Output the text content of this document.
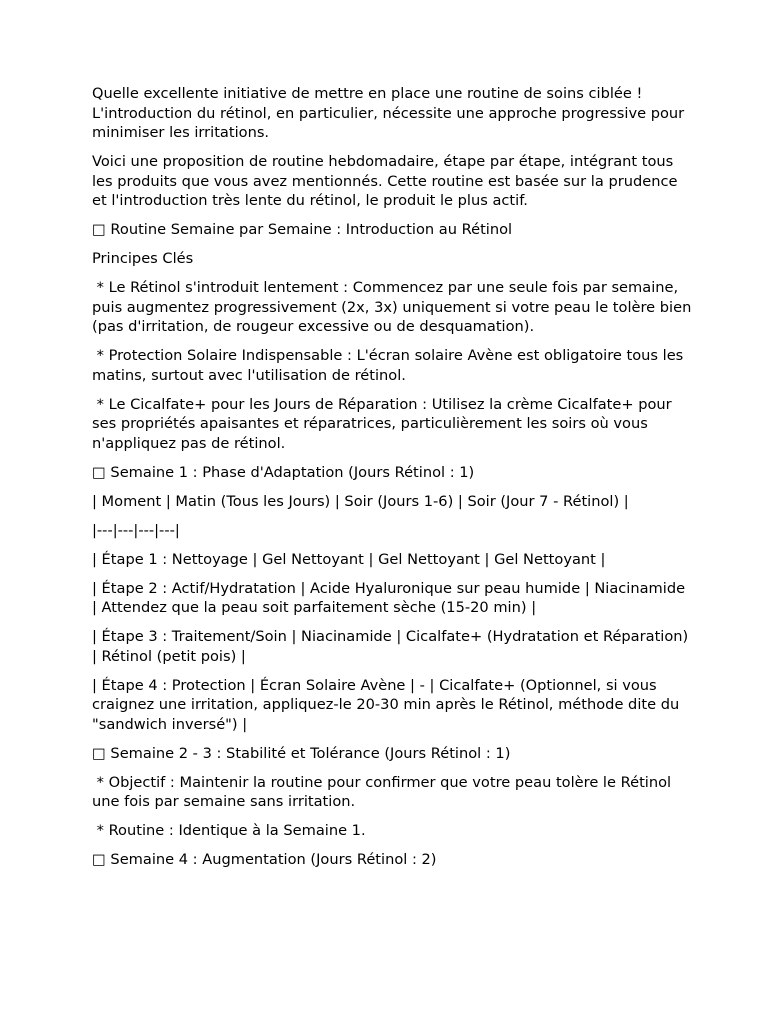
Quelle excellente initiative de mettre en place une routine de soins ciblée ! L'introduction du rétinol, en particulier, nécessite une approche progressive pour minimiser les irritations.

Voici une proposition de routine hebdomadaire, étape par étape, intégrant tous les produits que vous avez mentionnés. Cette routine est basée sur la prudence et l'introduction très lente du rétinol, le produit le plus actif.

□ Routine Semaine par Semaine : Introduction au Rétinol

Principes Clés

* Le Rétinol s'introduit lentement : Commencez par une seule fois par semaine, puis augmentez progressivement (2x, 3x) uniquement si votre peau le tolère bien (pas d'irritation, de rougeur excessive ou de desquamation).

* Protection Solaire Indispensable : L'écran solaire Avène est obligatoire tous les matins, surtout avec l'utilisation de rétinol.

* Le Cicalfate+ pour les Jours de Réparation : Utilisez la crème Cicalfate+ pour ses propriétés apaisantes et réparatrices, particulièrement les soirs où vous n'appliquez pas de rétinol.

□ Semaine 1 : Phase d'Adaptation (Jours Rétinol : 1)

| Moment | Matin (Tous les Jours) | Soir (Jours 1-6) | Soir (Jour 7 - Rétinol) |

|---|---|---|---|

| Étape 1 : Nettoyage | Gel Nettoyant | Gel Nettoyant | Gel Nettoyant |

| Étape 2 : Actif/Hydratation | Acide Hyaluronique sur peau humide | Niacinamide | Attendez que la peau soit parfaitement sèche (15-20 min) |

| Étape 3 : Traitement/Soin | Niacinamide | Cicalfate+ (Hydratation et Réparation) | Rétinol (petit pois) |

| Étape 4 : Protection | Écran Solaire Avène | - | Cicalfate+ (Optionnel, si vous craignez une irritation, appliquez-le 20-30 min après le Rétinol, méthode dite du "sandwich inversé") |

□ Semaine 2 - 3 : Stabilité et Tolérance (Jours Rétinol : 1)

* Objectif : Maintenir la routine pour confirmer que votre peau tolère le Rétinol une fois par semaine sans irritation.

* Routine : Identique à la Semaine 1.

□ Semaine 4 : Augmentation (Jours Rétinol : 2)
